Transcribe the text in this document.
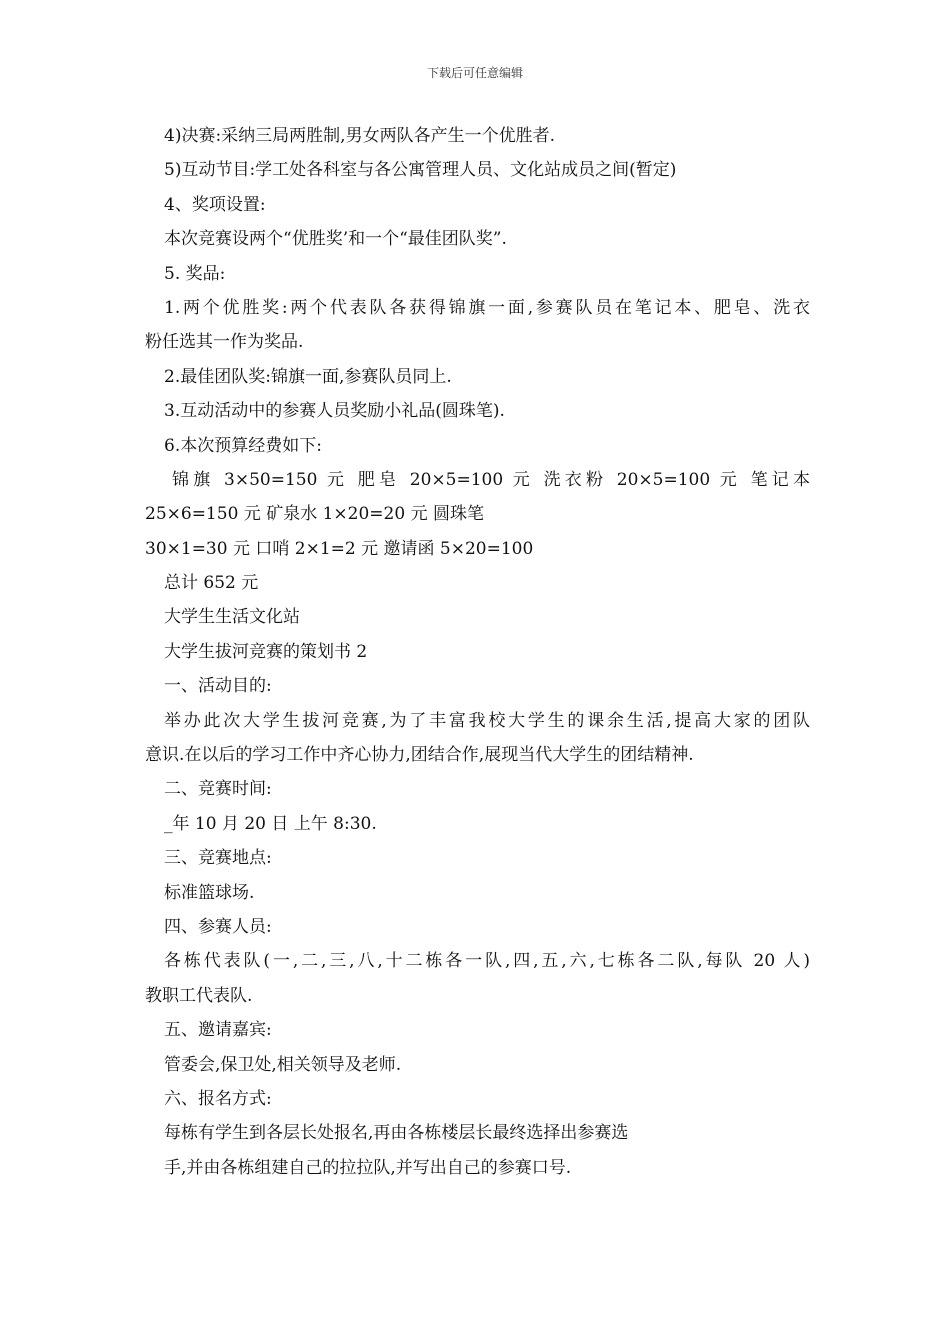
下载后可任意编辑
4)决赛:采纳三局两胜制,男女两队各产生一个优胜者.
5)互动节目:学工处各科室与各公寓管理人员、文化站成员之间(暂定)
4、奖项设置:
本次竞赛设两个“优胜奖’和一个“最佳团队奖”.
5. 奖品:
1.两个优胜奖:两个代表队各获得锦旗一面,参赛队员在笔记本、肥皂、洗衣
粉任选其一作为奖品.
2.最佳团队奖:锦旗一面,参赛队员同上.
3.互动活动中的参赛人员奖励小礼品(圆珠笔).
6.本次预算经费如下:
锦旗 3×50=150 元 肥皂 20×5=100 元 洗衣粉 20×5=100 元 笔记本
25×6=150 元 矿泉水 1×20=20 元 圆珠笔
30×1=30 元 口哨 2×1=2 元 邀请函 5×20=100
总计 652 元
大学生生活文化站
大学生拔河竞赛的策划书 2
一、活动目的:
举办此次大学生拔河竞赛,为了丰富我校大学生的课余生活,提高大家的团队
意识.在以后的学习工作中齐心协力,团结合作,展现当代大学生的团结精神.
二、竞赛时间:
_年 10 月 20 日 上午 8:30.
三、竞赛地点:
标准篮球场.
四、参赛人员:
各栋代表队(一,二,三,八,十二栋各一队,四,五,六,七栋各二队,每队 20 人)
教职工代表队.
五、邀请嘉宾:
管委会,保卫处,相关领导及老师.
六、报名方式:
每栋有学生到各层长处报名,再由各栋楼层长最终选择出参赛选
手,并由各栋组建自己的拉拉队,并写出自己的参赛口号.
